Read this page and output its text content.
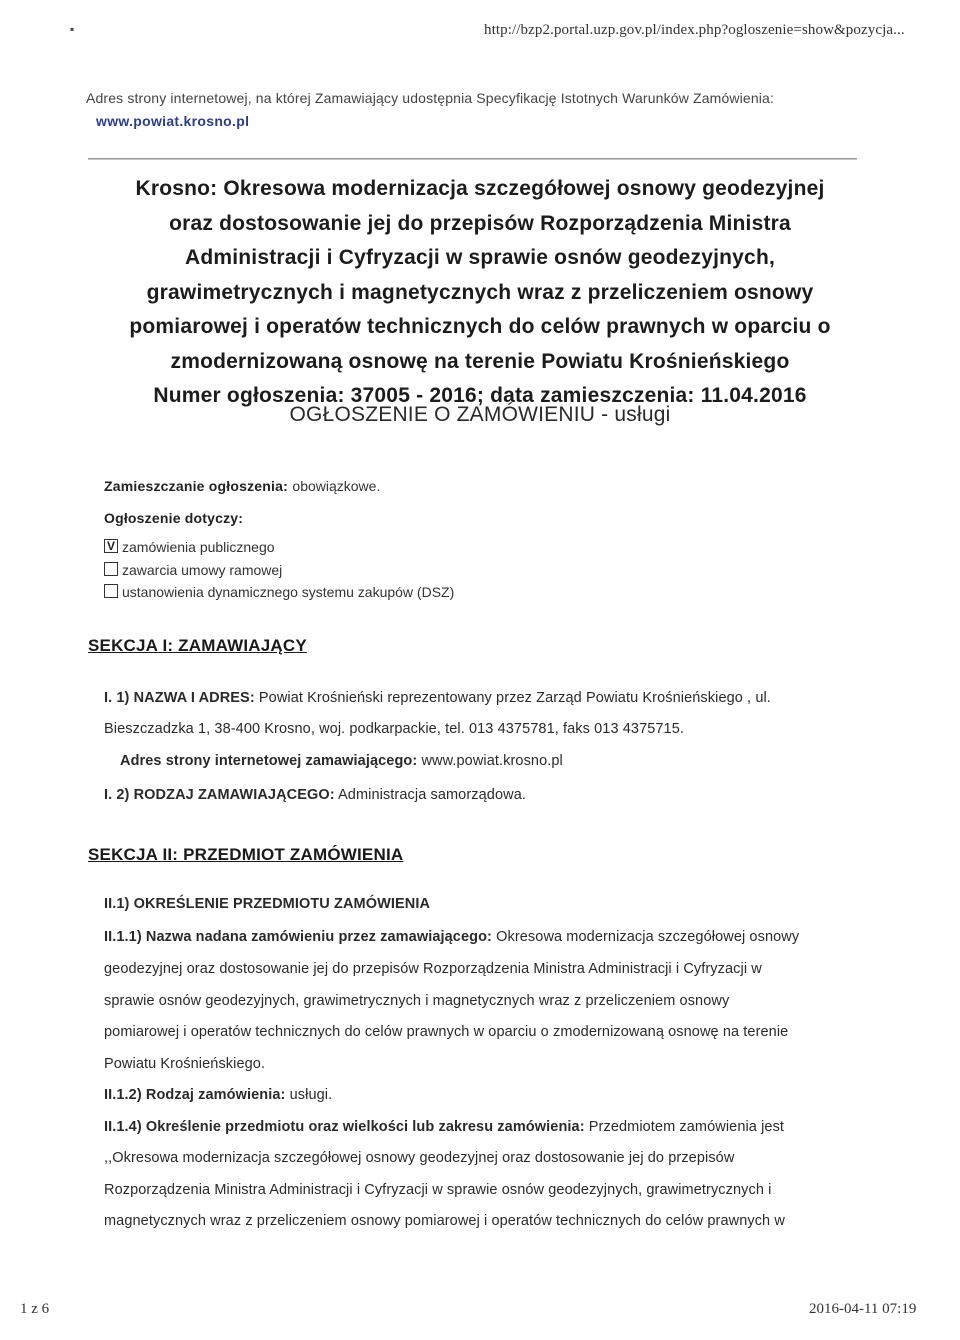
▪	http://bzp2.portal.uzp.gov.pl/index.php?ogloszenie=show&pozycja...
Adres strony internetowej, na której Zamawiający udostępnia Specyfikację Istotnych Warunków Zamówienia:
www.powiat.krosno.pl
Krosno: Okresowa modernizacja szczegółowej osnowy geodezyjnej
oraz dostosowanie jej do przepisów Rozporządzenia Ministra
Administracji i Cyfryzacji w sprawie osnów geodezyjnych,
grawimetrycznych i magnetycznych wraz z przeliczeniem osnowy
pomiarowej i operatów technicznych do celów prawnych w oparciu o
zmodernizowaną osnowę na terenie Powiatu Krośnieńskiego
Numer ogłoszenia: 37005 - 2016; data zamieszczenia: 11.04.2016
OGŁOSZENIE O ZAMÓWIENIU - usługi
Zamieszczanie ogłoszenia: obowiązkowe.
Ogłoszenie dotyczy:
V zamówienia publicznego
zawarcia umowy ramowej
ustanowienia dynamicznego systemu zakupów (DSZ)
SEKCJA I: ZAMAWIAJĄCY
I. 1) NAZWA I ADRES: Powiat Krośnieński reprezentowany przez Zarząd Powiatu Krośnieńskiego , ul.
Bieszczadzka 1, 38-400 Krosno, woj. podkarpackie, tel. 013 4375781, faks 013 4375715.
Adres strony internetowej zamawiającego: www.powiat.krosno.pl
I. 2) RODZAJ ZAMAWIAJĄCEGO: Administracja samorządowa.
SEKCJA II: PRZEDMIOT ZAMÓWIENIA
II.1) OKREŚLENIE PRZEDMIOTU ZAMÓWIENIA
II.1.1) Nazwa nadana zamówieniu przez zamawiającego: Okresowa modernizacja szczegółowej osnowy
geodezyjnej oraz dostosowanie jej do przepisów Rozporządzenia Ministra Administracji i Cyfryzacji w
sprawie osnów geodezyjnych, grawimetrycznych i magnetycznych wraz z przeliczeniem osnowy
pomiarowej i operatów technicznych do celów prawnych w oparciu o zmodernizowaną osnowę na terenie
Powiatu Krośnieńskiego.
II.1.2) Rodzaj zamówienia: usługi.
II.1.4) Określenie przedmiotu oraz wielkości lub zakresu zamówienia: Przedmiotem zamówienia jest
,,Okresowa modernizacja szczegółowej osnowy geodezyjnej oraz dostosowanie jej do przepisów
Rozporządzenia Ministra Administracji i Cyfryzacji w sprawie osnów geodezyjnych, grawimetrycznych i
magnetycznych wraz z przeliczeniem osnowy pomiarowej i operatów technicznych do celów prawnych w
1 z 6	2016-04-11 07:19
